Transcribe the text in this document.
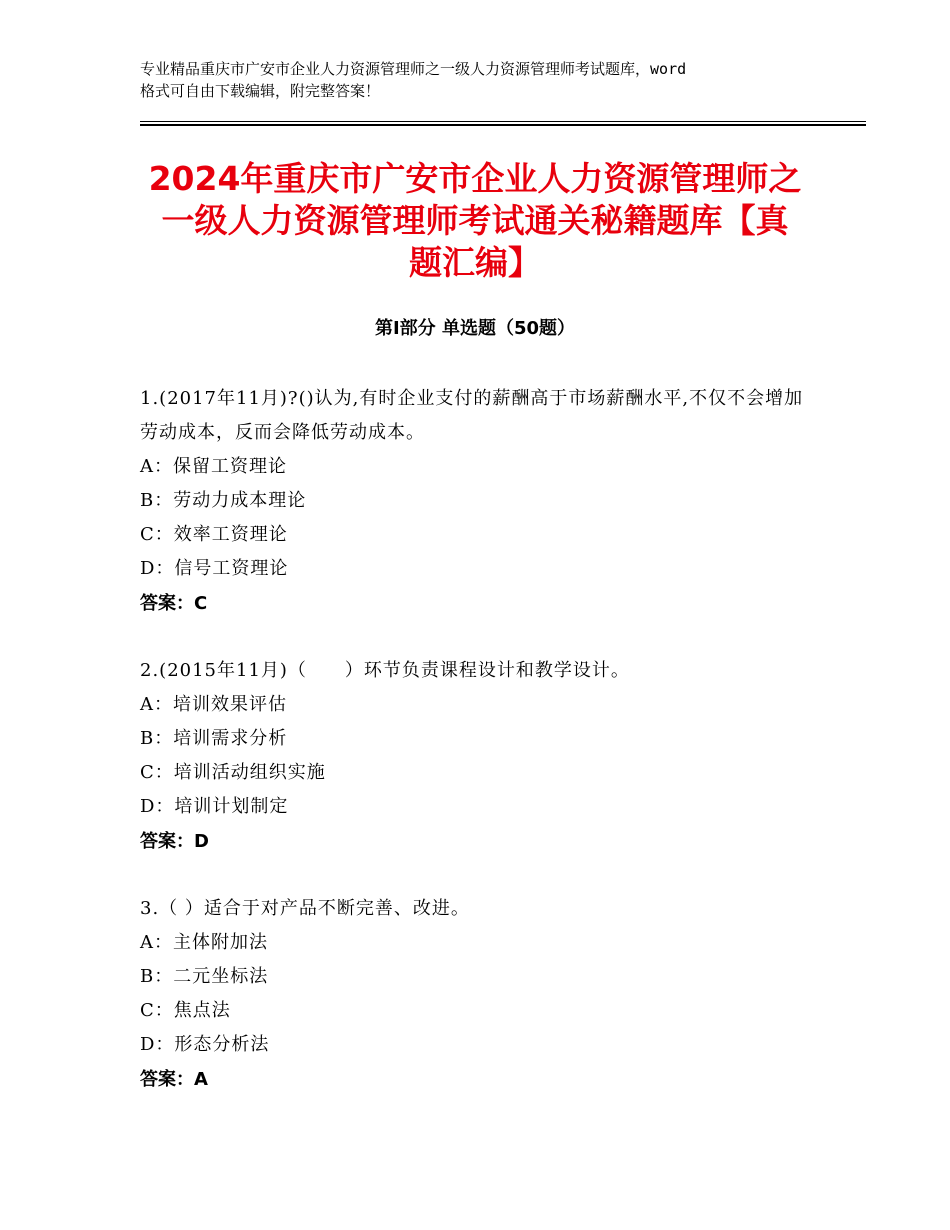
专业精品重庆市广安市企业人力资源管理师之一级人力资源管理师考试题库，word
格式可自由下载编辑，附完整答案！
2024年重庆市广安市企业人力资源管理师之
一级人力资源管理师考试通关秘籍题库【真
题汇编】
第Ⅰ部分 单选题（50题）
1.(2017年11月)?()认为,有时企业支付的薪酬高于市场薪酬水平,不仅不会增加劳动成本，反而会降低劳动成本。
A：保留工资理论
B：劳动力成本理论
C：效率工资理论
D：信号工资理论
答案：C
2.(2015年11月)（　　）环节负责课程设计和教学设计。
A：培训效果评估
B：培训需求分析
C：培训活动组织实施
D：培训计划制定
答案：D
3.（ ）适合于对产品不断完善、改进。
A：主体附加法
B：二元坐标法
C：焦点法
D：形态分析法
答案：A
